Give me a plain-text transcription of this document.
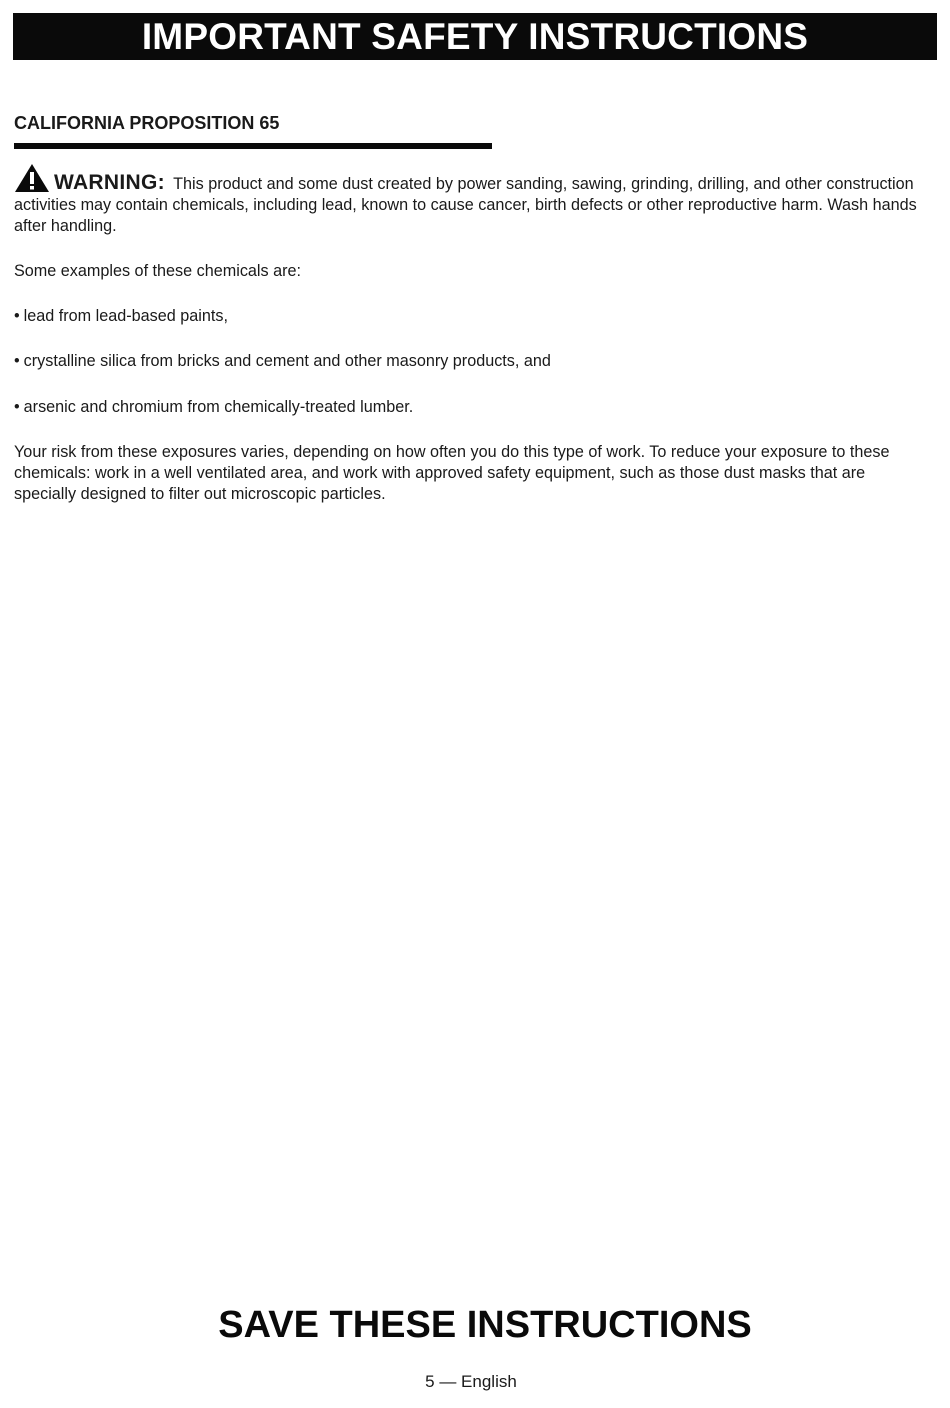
IMPORTANT SAFETY INSTRUCTIONS
CALIFORNIA PROPOSITION 65
WARNING: This product and some dust created by power sanding, sawing, grinding, drilling, and other construction activities may contain chemicals, including lead, known to cause cancer, birth defects or other reproductive harm. Wash hands after handling.

Some examples of these chemicals are:

• lead from lead-based paints,

• crystalline silica from bricks and cement and other masonry products, and

• arsenic and chromium from chemically-treated lumber.

Your risk from these exposures varies, depending on how often you do this type of work. To reduce your exposure to these chemicals: work in a well ventilated area, and work with approved safety equipment, such as those dust masks that are specially designed to filter out microscopic particles.

SAVE THESE INSTRUCTIONS
5 — English
